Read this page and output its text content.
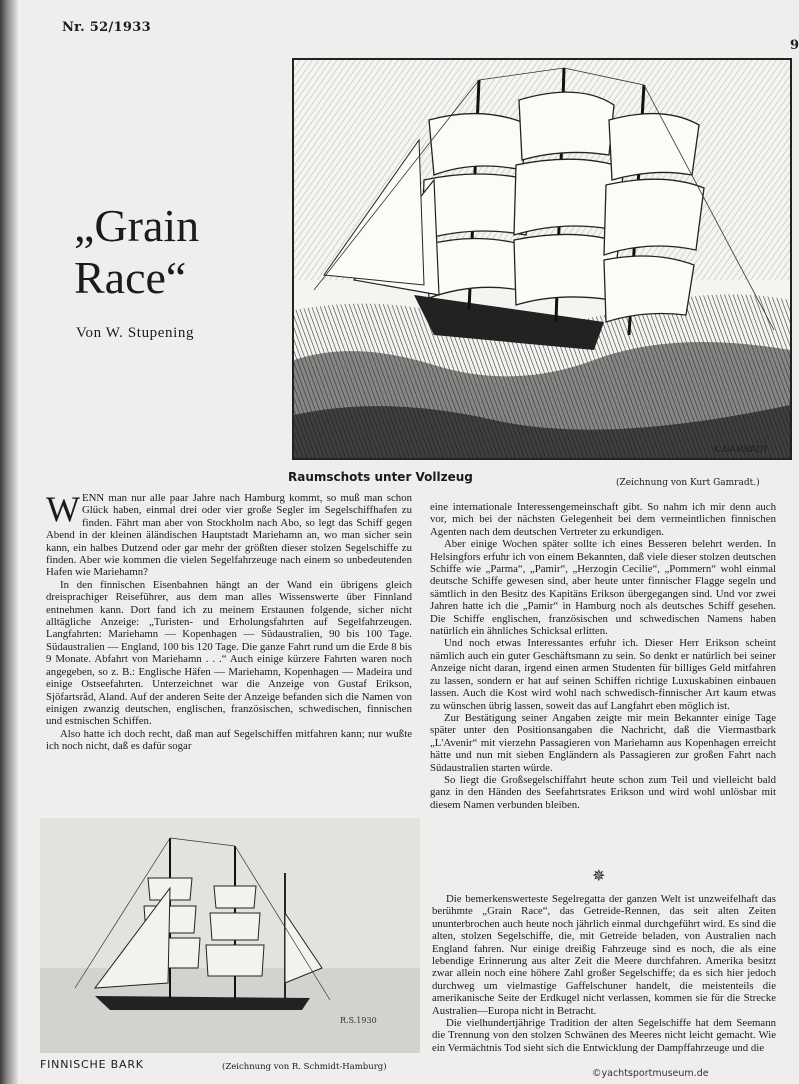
Nr. 52/1933
9
„Grain
Race“
Von W. Stupening
K.GAMRADT
Raumschots unter Vollzeug	(Zeichnung von Kurt Gamradt.)

WENN man nur alle paar Jahre nach Hamburg kommt, so muß man schon Glück haben, einmal drei oder vier große Segler im Segelschiffhafen zu finden. Fährt man aber von Stockholm nach Abo, so legt das Schiff gegen Abend in der kleinen äländischen Hauptstadt Mariehamn an, wo man sicher sein kann, ein halbes Dutzend oder gar mehr der größten dieser stolzen Segelschiffe zu finden. Aber wie kommen die vielen Segelfahrzeuge nach einem so unbedeutenden Hafen wie Mariehamn?

In den finnischen Eisenbahnen hängt an der Wand ein übrigens gleich dreisprachiger Reiseführer, aus dem man alles Wissenswerte über Finnland entnehmen kann. Dort fand ich zu meinem Erstaunen folgende, sicher nicht alltägliche Anzeige: „Turisten- und Erholungsfahrten auf Segelfahrzeugen. Langfahrten: Mariehamn — Kopenhagen — Südaustralien, 90 bis 100 Tage. Südaustralien — England, 100 bis 120 Tage. Die ganze Fahrt rund um die Erde 8 bis 9 Monate. Abfahrt von Mariehamn . . .“ Auch einige kürzere Fahrten waren noch angegeben, so z. B.: Englische Häfen — Mariehamn, Kopenhagen — Madeira und einige Ostseefahrten. Unterzeichnet war die Anzeige von Gustaf Erikson, Sjöfartsråd, Aland. Auf der anderen Seite der Anzeige befanden sich die Namen von einigen zwanzig deutschen, englischen, französischen, schwedischen, finnischen und estnischen Schiffen.

Also hatte ich doch recht, daß man auf Segelschiffen mitfahren kann; nur wußte ich noch nicht, daß es dafür sogar

eine internationale Interessengemeinschaft gibt. So nahm ich mir denn auch vor, mich bei der nächsten Gelegenheit bei dem vermeintlichen finnischen Agenten nach dem deutschen Vertreter zu erkundigen.

Aber einige Wochen später sollte ich eines Besseren belehrt werden. In Helsingfors erfuhr ich von einem Bekannten, daß viele dieser stolzen deutschen Schiffe wie „Parma“, „Pamir“, „Herzogin Cecilie“, „Pommern“ wohl einmal deutsche Schiffe gewesen sind, aber heute unter finnischer Flagge segeln und sämtlich in den Besitz des Kapitäns Erikson übergegangen sind. Und vor zwei Jahren hatte ich die „Pamir“ in Hamburg noch als deutsches Schiff gesehen. Die Schiffe englischen, französischen und schwedischen Namens haben natürlich ein ähnliches Schicksal erlitten.

Und noch etwas Interessantes erfuhr ich. Dieser Herr Erikson scheint nämlich auch ein guter Geschäftsmann zu sein. So denkt er natürlich bei seiner Anzeige nicht daran, irgend einen armen Studenten für billiges Geld mitfahren zu lassen, sondern er hat auf seinen Schiffen richtige Luxuskabinen einbauen lassen. Auch die Kost wird wohl nach schwedisch-finnischer Art kaum etwas zu wünschen übrig lassen, soweit das auf Langfahrt eben möglich ist.

Zur Bestätigung seiner Angaben zeigte mir mein Bekannter einige Tage später unter den Positionsangaben die Nachricht, daß die Viermastbark „L'Avenir“ mit vierzehn Passagieren von Mariehamn aus Kopenhagen erreicht hätte und nun mit sieben Engländern als Passagieren zur großen Fahrt nach Südaustralien starten würde.

So liegt die Großsegelschiffahrt heute schon zum Teil und vielleicht bald ganz in den Händen des Seefahrtsrates Erikson und wird wohl unlösbar mit diesem Namen verbunden bleiben.

✵

Die bemerkenswerteste Segelregatta der ganzen Welt ist unzweifelhaft das berühmte „Grain Race“, das Getreide-Rennen, das seit alten Zeiten ununterbrochen auch heute noch jährlich einmal durchgeführt wird. Es sind die alten, stolzen Segelschiffe, die, mit Getreide beladen, von Australien nach England fahren. Nur einige dreißig Fahrzeuge sind es noch, die als eine lebendige Erinnerung aus alter Zeit die Meere durchfahren. Amerika besitzt zwar allein noch eine höhere Zahl großer Segelschiffe; da es sich hier jedoch durchweg um vielmastige Gaffelschuner handelt, die meistenteils die amerikanische Seite der Erdkugel nicht verlassen, kommen sie für die Strecke Australien—Europa nicht in Betracht.

Die vielhundertjährige Tradition der alten Segelschiffe hat dem Seemann die Trennung von den stolzen Schwänen des Meeres nicht leicht gemacht. Wie ein Vermächtnis Tod sieht sich die Entwicklung der Dampffahrzeuge und die

R.S.1930
FINNISCHE BARK	(Zeichnung von R. Schmidt-Hamburg)
©yachtsportmuseum.de
